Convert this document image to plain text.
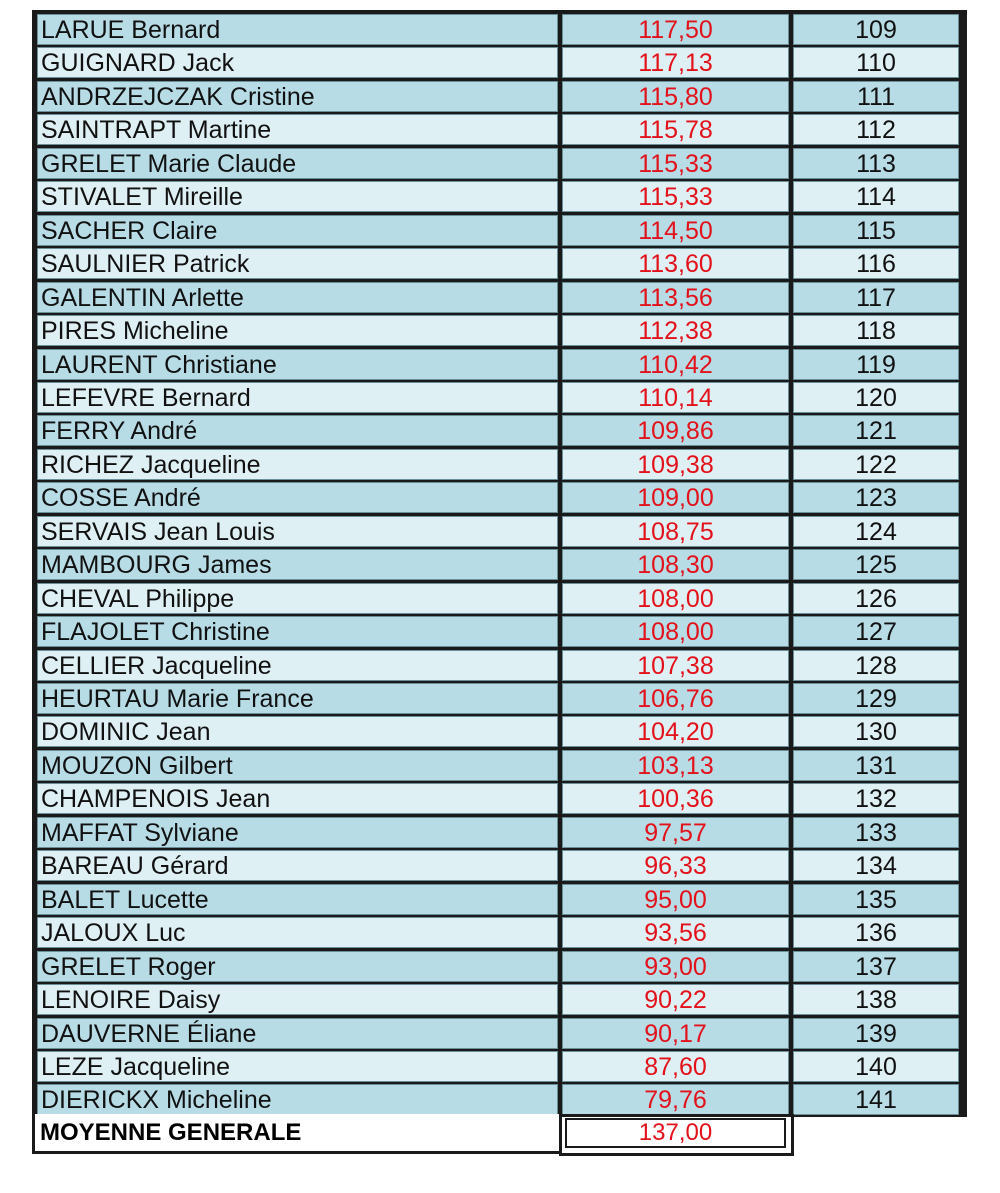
LARUE Bernard	117,50	109
GUIGNARD Jack	117,13	110
ANDRZEJCZAK Cristine	115,80	111
SAINTRAPT Martine	115,78	112
GRELET Marie Claude	115,33	113
STIVALET Mireille	115,33	114
SACHER Claire	114,50	115
SAULNIER Patrick	113,60	116
GALENTIN Arlette	113,56	117
PIRES Micheline	112,38	118
LAURENT Christiane	110,42	119
LEFEVRE Bernard	110,14	120
FERRY André	109,86	121
RICHEZ Jacqueline	109,38	122
COSSE André	109,00	123
SERVAIS Jean Louis	108,75	124
MAMBOURG James	108,30	125
CHEVAL Philippe	108,00	126
FLAJOLET Christine	108,00	127
CELLIER Jacqueline	107,38	128
HEURTAU Marie France	106,76	129
DOMINIC Jean	104,20	130
MOUZON Gilbert	103,13	131
CHAMPENOIS Jean	100,36	132
MAFFAT Sylviane	97,57	133
BAREAU Gérard	96,33	134
BALET Lucette	95,00	135
JALOUX Luc	93,56	136
GRELET Roger	93,00	137
LENOIRE Daisy	90,22	138
DAUVERNE Éliane	90,17	139
LEZE Jacqueline	87,60	140
DIERICKX Micheline	79,76	141
MOYENNE GENERALE	137,00
